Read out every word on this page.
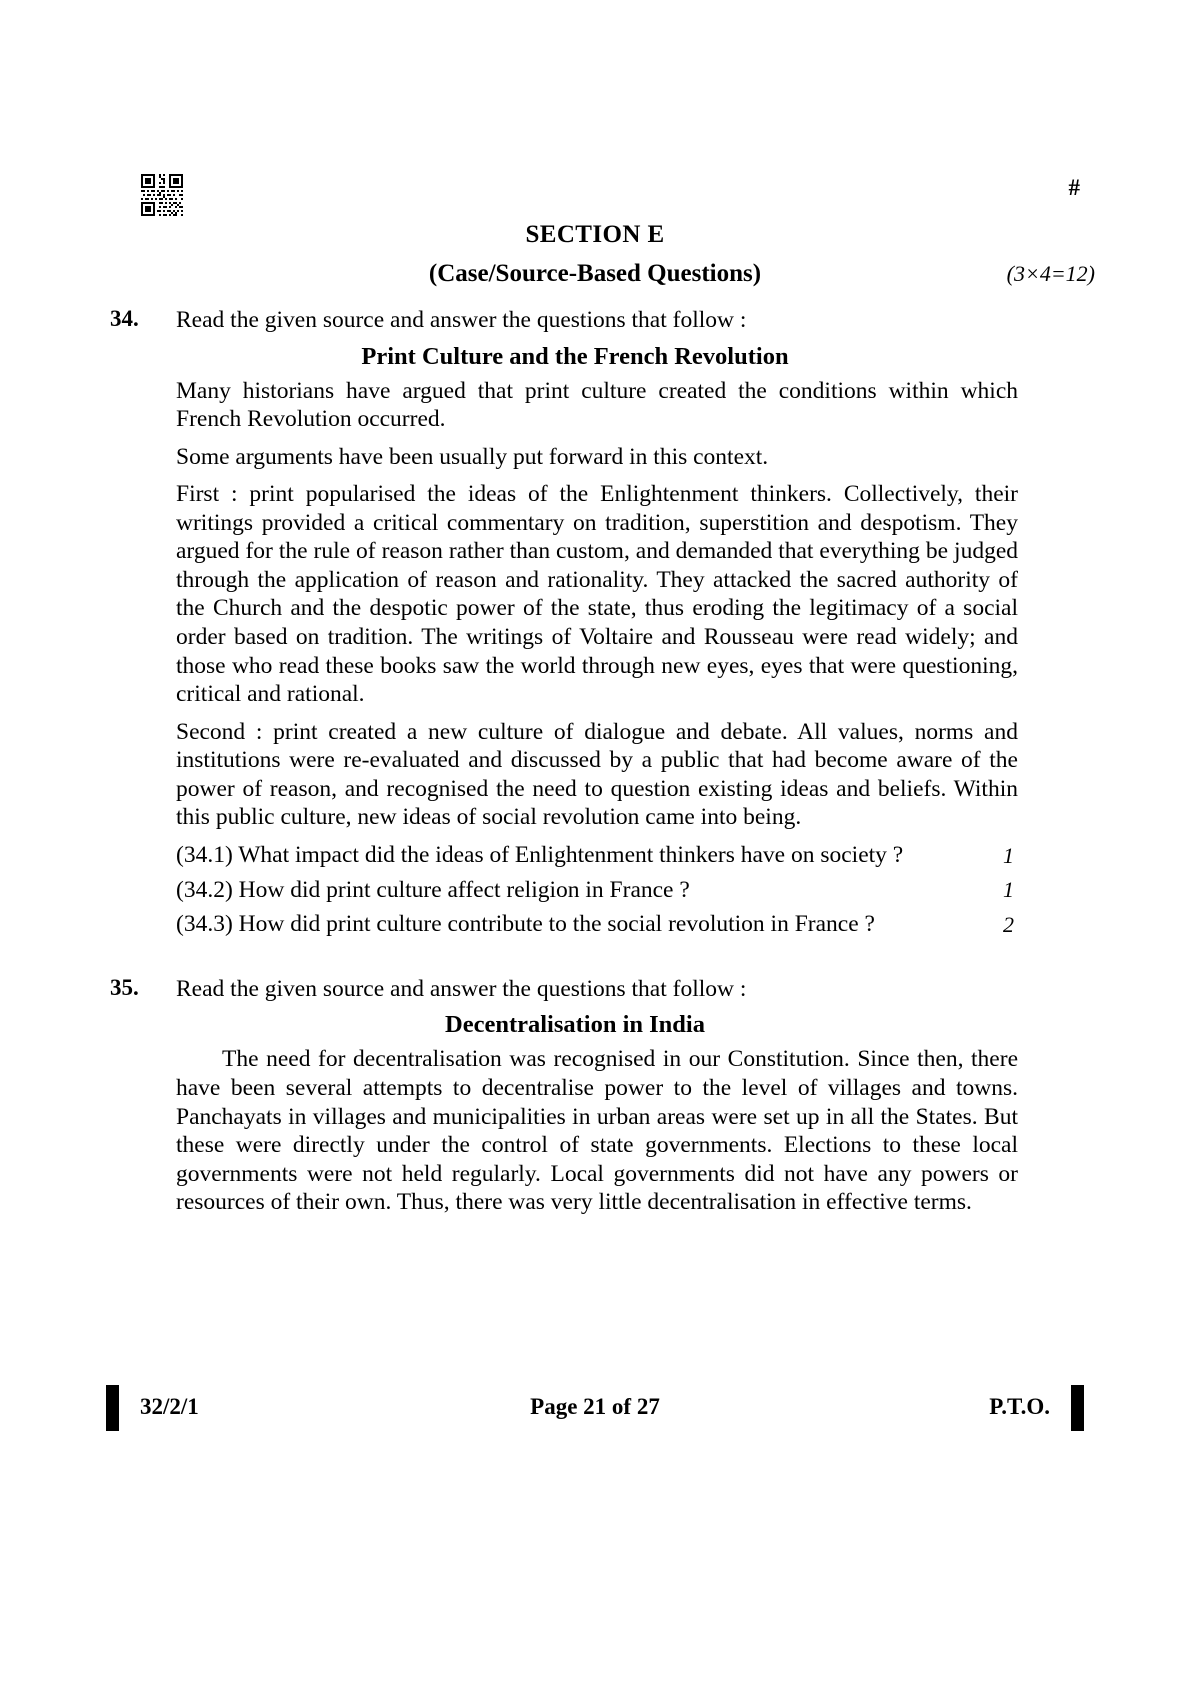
#
SECTION E
(Case/Source-Based Questions)	(3×4=12)
34.	Read the given source and answer the questions that follow :
Print Culture and the French Revolution

Many historians have argued that print culture created the conditions within which French Revolution occurred.

Some arguments have been usually put forward in this context.

First : print popularised the ideas of the Enlightenment thinkers. Collectively, their writings provided a critical commentary on tradition, superstition and despotism. They argued for the rule of reason rather than custom, and demanded that everything be judged through the application of reason and rationality. They attacked the sacred authority of the Church and the despotic power of the state, thus eroding the legitimacy of a social order based on tradition. The writings of Voltaire and Rousseau were read widely; and those who read these books saw the world through new eyes, eyes that were questioning, critical and rational.

Second : print created a new culture of dialogue and debate. All values, norms and institutions were re-evaluated and discussed by a public that had become aware of the power of reason, and recognised the need to question existing ideas and beliefs. Within this public culture, new ideas of social revolution came into being.

(34.1) What impact did the ideas of Enlightenment thinkers have on society ?	1
(34.2) How did print culture affect religion in France ?	1
(34.3) How did print culture contribute to the social revolution in France ?	2
35.	Read the given source and answer the questions that follow :
Decentralisation in India

The need for decentralisation was recognised in our Constitution. Since then, there have been several attempts to decentralise power to the level of villages and towns. Panchayats in villages and municipalities in urban areas were set up in all the States. But these were directly under the control of state governments. Elections to these local governments were not held regularly. Local governments did not have any powers or resources of their own. Thus, there was very little decentralisation in effective terms.

32/2/1	Page 21 of 27	P.T.O.
